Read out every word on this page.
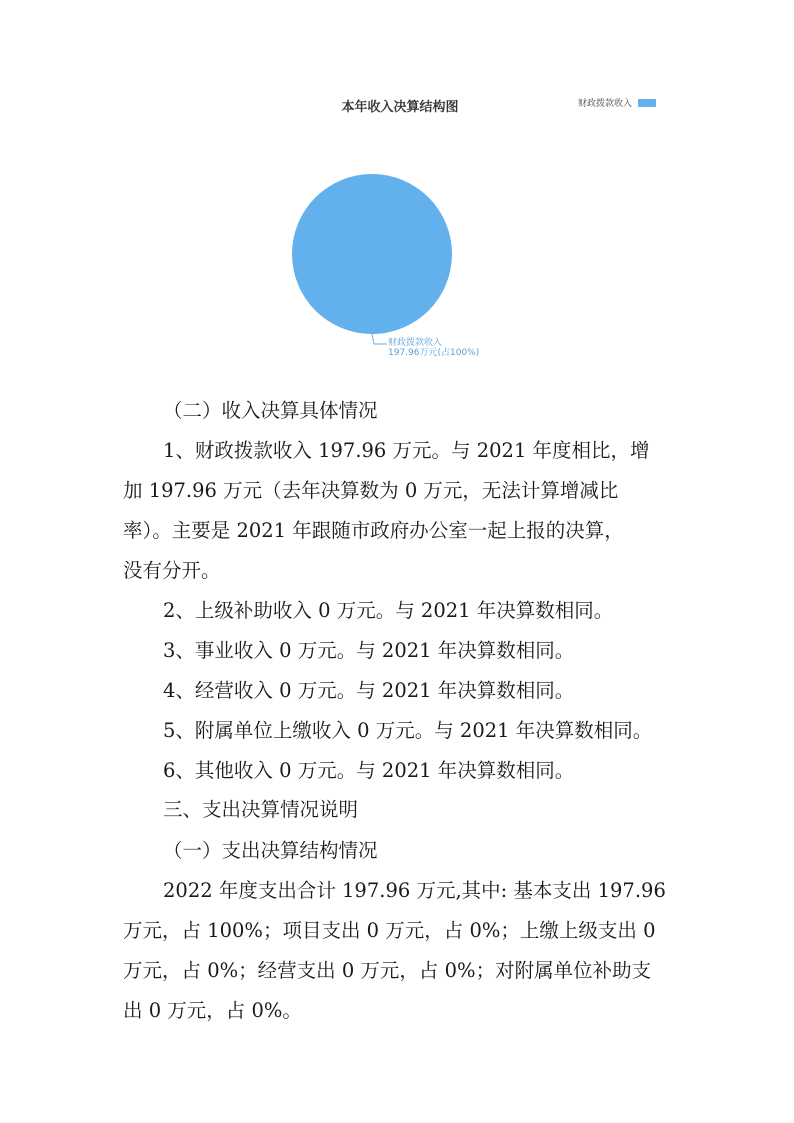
本年收入决算结构图	财政拨款收入
财政拨款收入
197.96万元(占100%)
（二）收入决算具体情况
1、财政拨款收入 197.96 万元。与 2021 年度相比，增
加 197.96 万元（去年决算数为 0 万元，无法计算增减比
率）。主要是 2021 年跟随市政府办公室一起上报的决算，
没有分开。
2、上级补助收入 0 万元。与 2021 年决算数相同。
3、事业收入 0 万元。与 2021 年决算数相同。
4、经营收入 0 万元。与 2021 年决算数相同。
5、附属单位上缴收入 0 万元。与 2021 年决算数相同。
6、其他收入 0 万元。与 2021 年决算数相同。
三、支出决算情况说明
（一）支出决算结构情况
2022 年度支出合计 197.96 万元,其中: 基本支出 197.96
万元，占 100%；项目支出 0 万元，占 0%；上缴上级支出 0
万元，占 0%；经营支出 0 万元，占 0%；对附属单位补助支
出 0 万元，占 0%。
